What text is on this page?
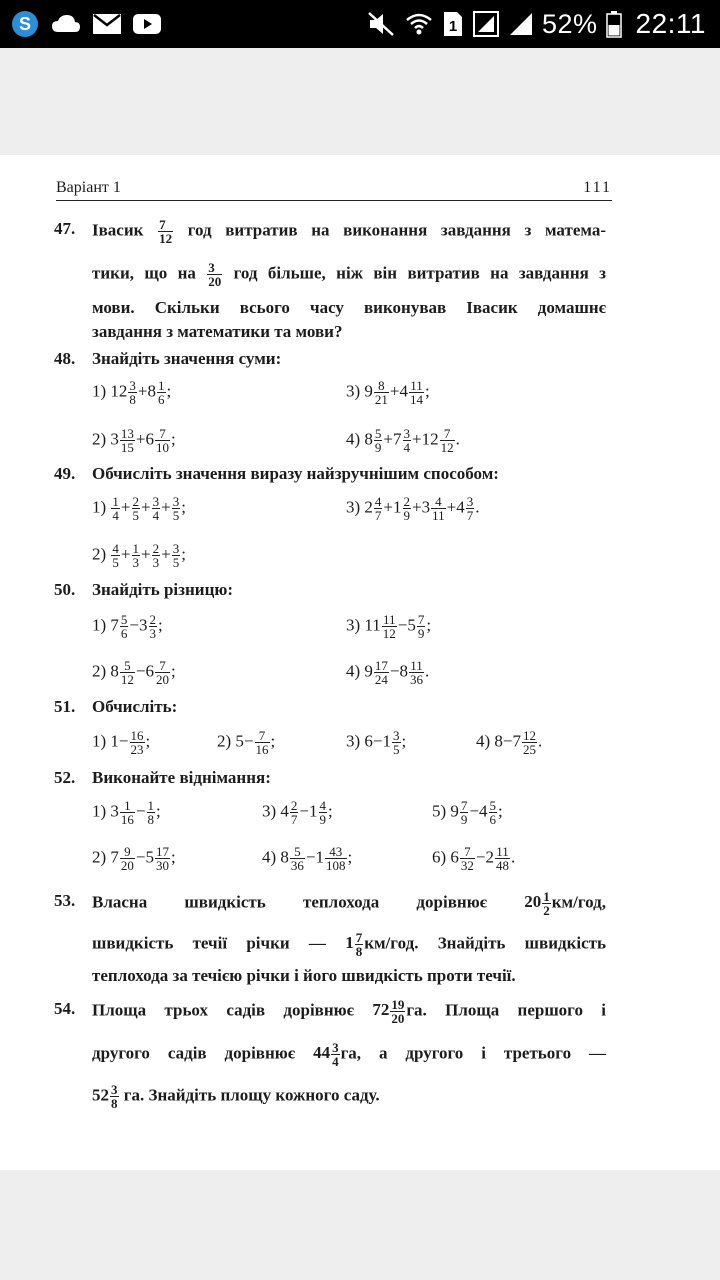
S	1	52% 22:11
Варіант 1	111
47. Івасик $\frac{7}{12}$ год витратив на виконання завдання з матема-
тики, що на $\frac{3}{20}$ год більше, ніж він витратив на завдання з
мови. Скільки всього часу виконував Івасик домашнє
завдання з математики та мови?
48. Знайдіть значення суми:
1) $12 \frac{3}{8} +8 \frac{1}{6}$ ;	3) $9 \frac{8}{21} +4 \frac{11}{14}$ ;
2) $3 \frac{13}{15} +6 \frac{7}{10}$ ;	4) $8 \frac{5}{9} +7 \frac{3}{4} +12 \frac{7}{12}$ .
49. Обчисліть значення виразу найзручнішим способом:
$1) \frac{1}{4} + \frac{2}{5} + \frac{3}{4} + \frac{3}{5}$ ;	3) $2 \frac{4}{7} +1 \frac{2}{9} +3 \frac{4}{11} +4 \frac{3}{7}$ .
$2) \frac{4}{5} + \frac{1}{3} + \frac{2}{3} + \frac{3}{5}$ ;
50. Знайдіть різницю:
1) $7 \frac{5}{6} -3 \frac{2}{3}$ ;	3) $11 \frac{11}{12} -5 \frac{7}{9}$ ;
2) $8 \frac{5}{12} -6 \frac{7}{20}$ ;	4) $9 \frac{17}{24} -8 \frac{11}{36}$ .
51. Обчисліть:
1) $1- \frac{16}{23}$ ;	2) $5- \frac{7}{16}$ ;	3) $6-1 \frac{3}{5}$ ;	4) $8-7 \frac{12}{25}$ .
52. Виконайте віднімання:
1) $3 \frac{1}{16} - \frac{1}{8}$ ;	3) $4 \frac{2}{7} -1 \frac{4}{9}$ ;	5) $9 \frac{7}{9} -4 \frac{5}{6}$ ;
2) $7 \frac{9}{20} -5 \frac{17}{30}$ ;	4) $8 \frac{5}{36} -1 \frac{43}{108}$ ;	6) $6 \frac{7}{32} -2 \frac{11}{48}$ .
53. Власна швидкість теплохода дорівнює $20 \frac{1}{2} км/год$,
швидкість течії річки — $1 \frac{7}{8} км/год$. Знайдіть швидкість
теплохода за течією річки і його швидкість проти течії.
54. Площа трьох садів дорівнює $72 \frac{19}{20}$ га. Площа першого і
другого садів дорівнює $44 \frac{3}{4}$ га, а другого і третього —
$52 \frac{3}{8}$ га. Знайдіть площу кожного саду.
